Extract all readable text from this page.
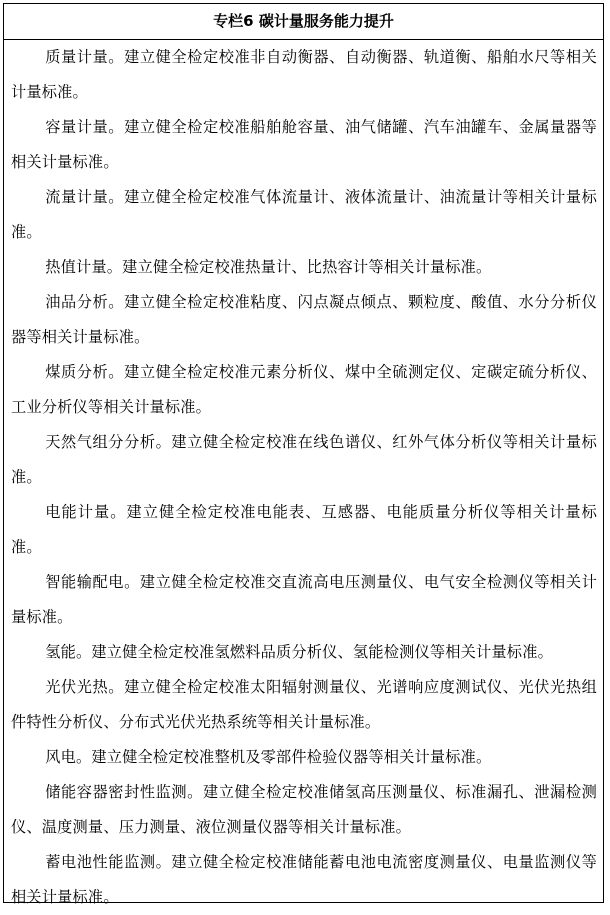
专栏6 碳计量服务能力提升

质量计量。建立健全检定校准非自动衡器、自动衡器、轨道衡、船舶水尺等相关计量标准。

容量计量。建立健全检定校准船舶舱容量、油气储罐、汽车油罐车、金属量器等相关计量标准。

流量计量。建立健全检定校准气体流量计、液体流量计、油流量计等相关计量标准。

热值计量。建立健全检定校准热量计、比热容计等相关计量标准。

油品分析。建立健全检定校准粘度、闪点凝点倾点、颗粒度、酸值、水分分析仪器等相关计量标准。

煤质分析。建立健全检定校准元素分析仪、煤中全硫测定仪、定碳定硫分析仪、工业分析仪等相关计量标准。

天然气组分分析。建立健全检定校准在线色谱仪、红外气体分析仪等相关计量标准。

电能计量。建立健全检定校准电能表、互感器、电能质量分析仪等相关计量标准。

智能输配电。建立健全检定校准交直流高电压测量仪、电气安全检测仪等相关计量标准。

氢能。建立健全检定校准氢燃料品质分析仪、氢能检测仪等相关计量标准。

光伏光热。建立健全检定校准太阳辐射测量仪、光谱响应度测试仪、光伏光热组件特性分析仪、分布式光伏光热系统等相关计量标准。

风电。建立健全检定校准整机及零部件检验仪器等相关计量标准。

储能容器密封性监测。建立健全检定校准储氢高压测量仪、标准漏孔、泄漏检测仪、温度测量、压力测量、液位测量仪器等相关计量标准。

蓄电池性能监测。建立健全检定校准储能蓄电池电流密度测量仪、电量监测仪等相关计量标准。
